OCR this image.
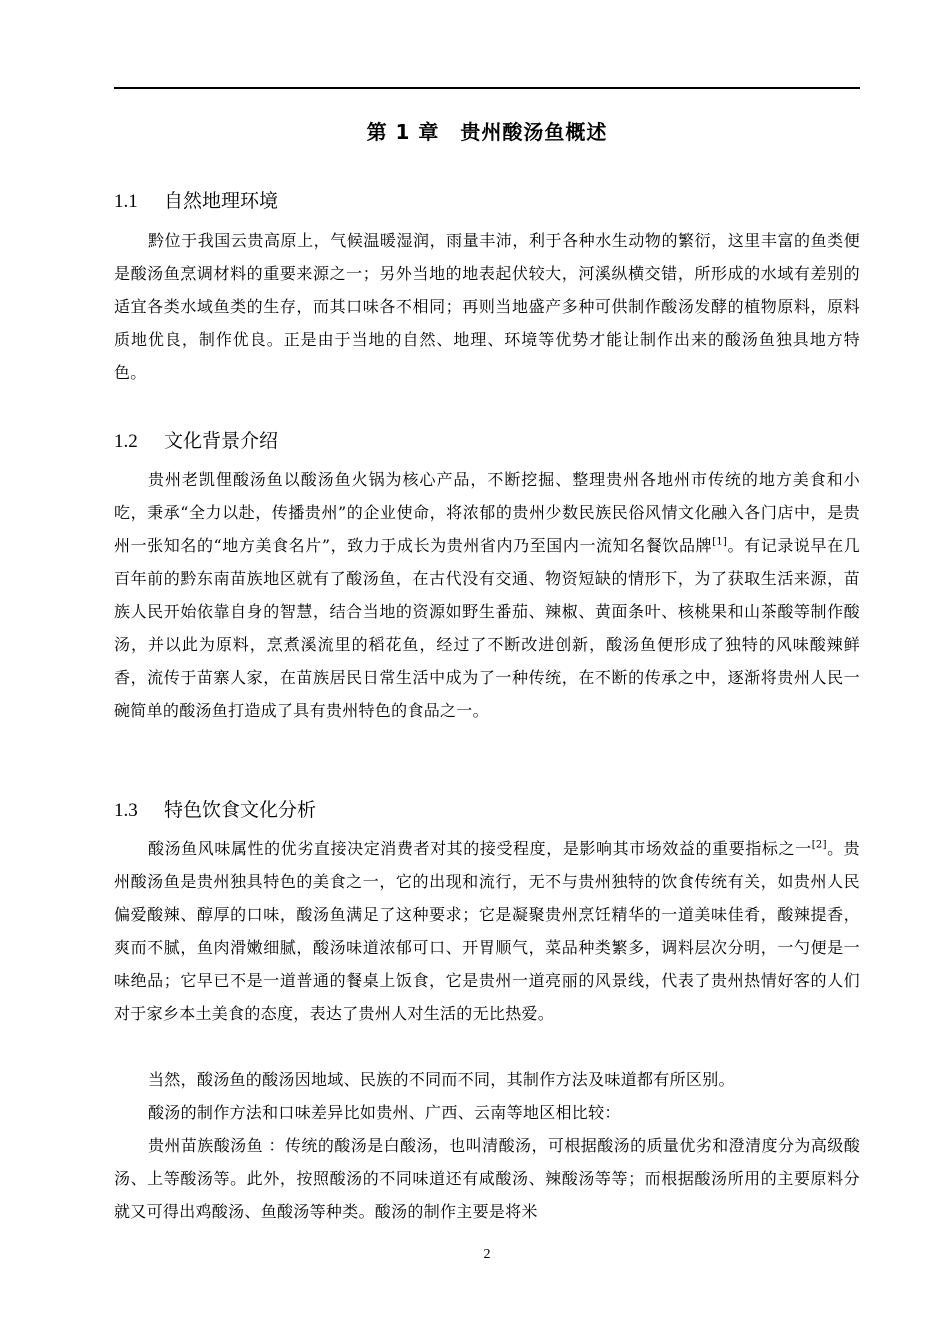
第 1 章　贵州酸汤鱼概述
1.1 自然地理环境

黔位于我国云贵高原上，气候温暖湿润，雨量丰沛，利于各种水生动物的繁衍，这里丰富的鱼类便是酸汤鱼烹调材料的重要来源之一；另外当地的地表起伏较大，河溪纵横交错，所形成的水域有差别的适宜各类水域鱼类的生存，而其口味各不相同；再则当地盛产多种可供制作酸汤发酵的植物原料，原料质地优良，制作优良。正是由于当地的自然、地理、环境等优势才能让制作出来的酸汤鱼独具地方特色。

1.2 文化背景介绍

贵州老凯俚酸汤鱼以酸汤鱼火锅为核心产品，不断挖掘、整理贵州各地州市传统的地方美食和小吃，秉承“全力以赴，传播贵州”的企业使命，将浓郁的贵州少数民族民俗风情文化融入各门店中，是贵州一张知名的“地方美食名片”，致力于成长为贵州省内乃至国内一流知名餐饮品牌[1]。有记录说早在几百年前的黔东南苗族地区就有了酸汤鱼，在古代没有交通、物资短缺的情形下，为了获取生活来源，苗族人民开始依靠自身的智慧，结合当地的资源如野生番茄、辣椒、黄面条叶、核桃果和山茶酸等制作酸汤，并以此为原料，烹煮溪流里的稻花鱼，经过了不断改进创新，酸汤鱼便形成了独特的风味酸辣鲜香，流传于苗寨人家，在苗族居民日常生活中成为了一种传统，在不断的传承之中，逐渐将贵州人民一碗简单的酸汤鱼打造成了具有贵州特色的食品之一。

1.3 特色饮食文化分析

酸汤鱼风味属性的优劣直接决定消费者对其的接受程度，是影响其市场效益的重要指标之一[2]。贵州酸汤鱼是贵州独具特色的美食之一，它的出现和流行，无不与贵州独特的饮食传统有关，如贵州人民偏爱酸辣、醇厚的口味，酸汤鱼满足了这种要求；它是凝聚贵州烹饪精华的一道美味佳肴，酸辣提香，爽而不腻，鱼肉滑嫩细腻，酸汤味道浓郁可口、开胃顺气，菜品种类繁多，调料层次分明，一勺便是一味绝品；它早已不是一道普通的餐桌上饭食，它是贵州一道亮丽的风景线，代表了贵州热情好客的人们对于家乡本土美食的态度，表达了贵州人对生活的无比热爱。

当然，酸汤鱼的酸汤因地域、民族的不同而不同，其制作方法及味道都有所区别。

酸汤的制作方法和口味差异比如贵州、广西、云南等地区相比较：

贵州苗族酸汤鱼 ：传统的酸汤是白酸汤，也叫清酸汤，可根据酸汤的质量优劣和澄清度分为高级酸汤、上等酸汤等。此外，按照酸汤的不同味道还有咸酸汤、辣酸汤等等；而根据酸汤所用的主要原料分就又可得出鸡酸汤、鱼酸汤等种类。酸汤的制作主要是将米

2
